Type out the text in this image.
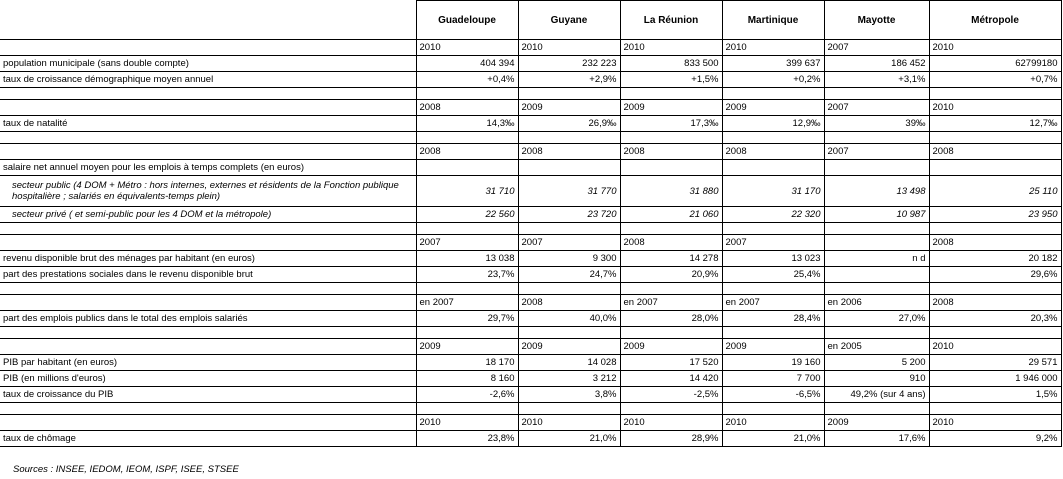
	Guadeloupe	Guyane	La Réunion	Martinique	Mayotte	Métropole
	2010	2010	2010	2010	2007	2010
population municipale (sans double compte)	404 394	232 223	833 500	399 637	186 452	62799180
taux de croissance démographique moyen annuel	+0,4%	+2,9%	+1,5%	+0,2%	+3,1%	+0,7%

	2008	2009	2009	2009	2007	2010
taux de natalité	14,3‰	26,9‰	17,3‰	12,9‰	39‰	12,7‰

	2008	2008	2008	2008	2007	2008
salaire net annuel moyen pour les emplois à temps complets (en euros)						
secteur public (4 DOM + Métro : hors internes, externes et résidents de la Fonction publique hospitalière ; salariés en équivalents-temps plein)	31 710	31 770	31 880	31 170	13 498	25 110
secteur privé ( et semi-public pour les 4 DOM et la métropole)	22 560	23 720	21 060	22 320	10 987	23 950

	2007	2007	2008	2007		2008
revenu disponible brut des ménages par habitant (en euros)	13 038	9 300	14 278	13 023	n d	20 182
part des prestations sociales dans le revenu disponible brut	23,7%	24,7%	20,9%	25,4%		29,6%

	en 2007	2008	en 2007	en 2007	en 2006	2008
part des emplois publics dans le total des emplois salariés	29,7%	40,0%	28,0%	28,4%	27,0%	20,3%

	2009	2009	2009	2009	en 2005	2010
PIB par habitant (en euros)	18 170	14 028	17 520	19 160	5 200	29 571
PIB (en millions d'euros)	8 160	3 212	14 420	7 700	910	1 946 000
taux de croissance du PIB	-2,6%	3,8%	-2,5%	-6,5%	49,2% (sur 4 ans)	1,5%

	2010	2010	2010	2010	2009	2010
taux de chômage	23,8%	21,0%	28,9%	21,0%	17,6%	9,2%
Sources : INSEE, IEDOM, IEOM, ISPF, ISEE, STSEE
